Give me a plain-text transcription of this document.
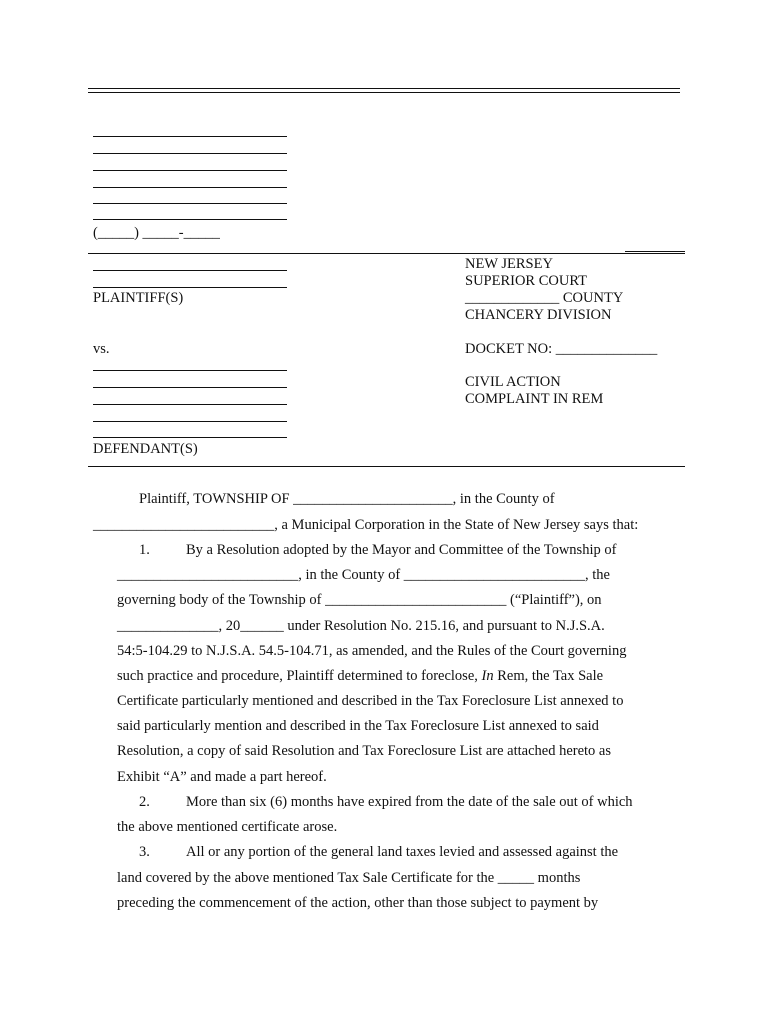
(_____) _____-_____
PLAINTIFF(S)
vs.
DEFENDANT(S)
NEW JERSEY
SUPERIOR COURT
_____________ COUNTY
CHANCERY DIVISION
DOCKET NO: ______________
CIVIL ACTION
COMPLAINT IN REM
Plaintiff, TOWNSHIP OF ______________________, in the County of
_________________________, a Municipal Corporation in the State of New Jersey says that:
1. By a Resolution adopted by the Mayor and Committee of the Township of
_________________________, in the County of _________________________, the
governing body of the Township of _________________________ (“Plaintiff”), on
______________, 20______ under Resolution No. 215.16, and pursuant to N.J.S.A.
54:5-104.29 to N.J.S.A. 54.5-104.71, as amended, and the Rules of the Court governing
such practice and procedure, Plaintiff determined to foreclose, In Rem, the Tax Sale
Certificate particularly mentioned and described in the Tax Foreclosure List annexed to
said particularly mention and described in the Tax Foreclosure List annexed to said
Resolution, a copy of said Resolution and Tax Foreclosure List are attached hereto as
Exhibit “A” and made a part hereof.
2. More than six (6) months have expired from the date of the sale out of which
the above mentioned certificate arose.
3. All or any portion of the general land taxes levied and assessed against the
land covered by the above mentioned Tax Sale Certificate for the _____ months
preceding the commencement of the action, other than those subject to payment by
